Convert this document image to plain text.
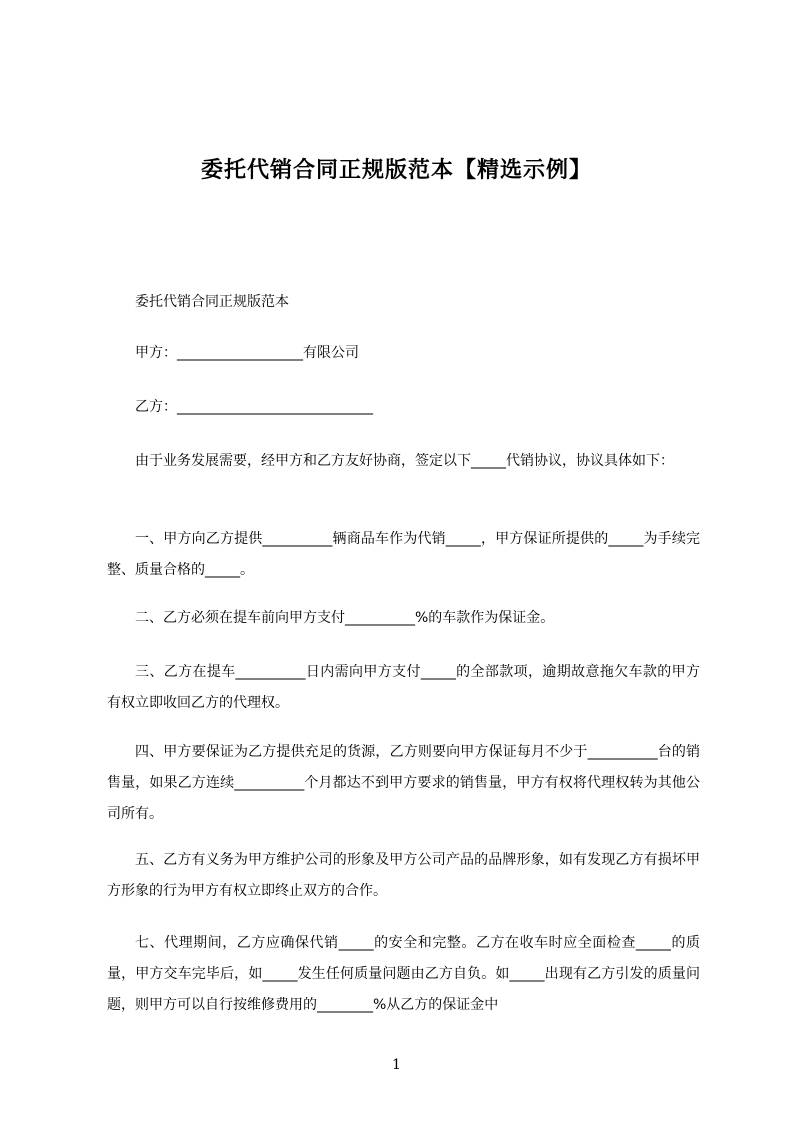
委托代销合同正规版范本【精选示例】

委托代销合同正规版范本

甲方：__________________有限公司

乙方：____________________________

由于业务发展需要，经甲方和乙方友好协商，签定以下_____代销协议，协议具体如下：

一、甲方向乙方提供__________辆商品车作为代销_____，甲方保证所提供的_____为手续完整、质量合格的_____。

二、乙方必须在提车前向甲方支付__________%的车款作为保证金。

三、乙方在提车__________日内需向甲方支付_____的全部款项，逾期故意拖欠车款的甲方有权立即收回乙方的代理权。

四、甲方要保证为乙方提供充足的货源，乙方则要向甲方保证每月不少于__________台的销售量，如果乙方连续__________个月都达不到甲方要求的销售量，甲方有权将代理权转为其他公司所有。

五、乙方有义务为甲方维护公司的形象及甲方公司产品的品牌形象，如有发现乙方有损坏甲方形象的行为甲方有权立即终止双方的合作。

七、代理期间，乙方应确保代销_____的安全和完整。乙方在收车时应全面检查_____的质量，甲方交车完毕后，如_____发生任何质量问题由乙方自负。如_____出现有乙方引发的质量问题，则甲方可以自行按维修费用的________%从乙方的保证金中

1
